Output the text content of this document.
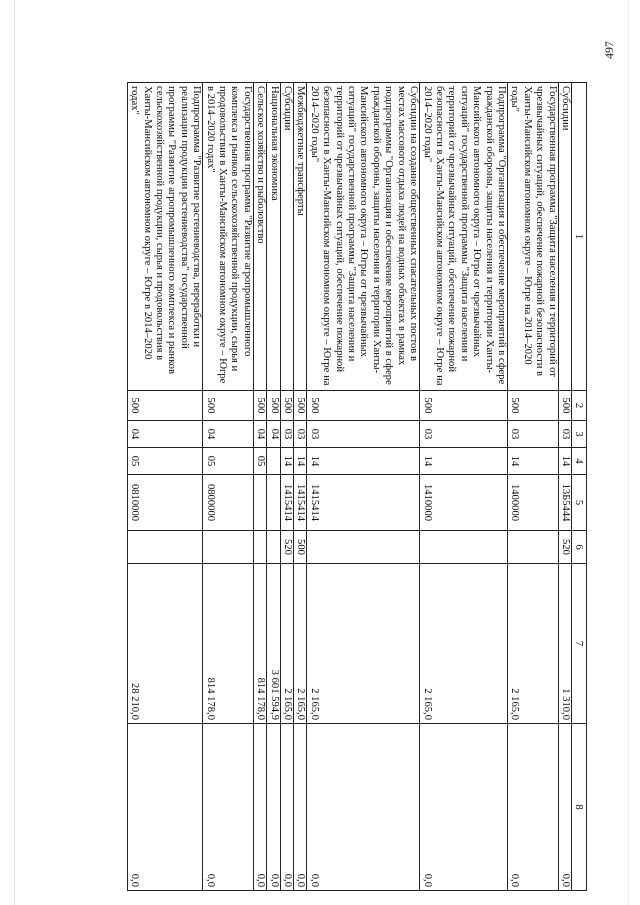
497
1	2	3	4	5	6	7	8
Субсидии	500	03	14	13Б5444	520	1 310,0	0,0
Государственная программа "Защита населения и территорий от чрезвычайных ситуаций, обеспечение пожарной безопасности в Ханты-Мансийском автономном округе – Югре на 2014–2020 годы"	500	03	14	1400000		2 165,0	0,0
Подпрограмма "Организация и обеспечение мероприятий в сфере гражданской обороны, защиты населения и территории Ханты-Мансийского автономного округа – Югры от чрезвычайных ситуаций" государственной программы "Защита населения и территорий от чрезвычайных ситуаций, обеспечение пожарной безопасности в Ханты-Мансийском автономном округе – Югре на 2014–2020 годы"	500	03	14	1410000		2 165,0	0,0
Субсидии на создание общественных спасательных постов в местах массового отдыха людей на водных объектах в рамках подпрограммы "Организация и обеспечение мероприятий в сфере гражданской обороны, защиты населения и территории Ханты-Мансийского автономного округа – Югры от чрезвычайных ситуаций" государственной программы "Защита населения и территорий от чрезвычайных ситуаций, обеспечение пожарной безопасности в Ханты-Мансийском автономном округе – Югре на 2014–2020 годы"	500	03	14	1415414		2 165,0	0,0
Межбюджетные трансферты	500	03	14	1415414	500	2 165,0	0,0
Субсидии	500	03	14	1415414	520	2 165,0	0,0
Национальная экономика	500	04				3 601 594,9	0,0
Сельское хозяйство и рыболовство	500	04	05			814 178,0	0,0
Государственная программа "Развитие агропромышленного комплекса и рынков сельскохозяйственной продукции, сырья и продовольствия в Ханты-Мансийском автономном округе – Югре в 2014–2020 годах"	500	04	05	0800000		814 178,0	0,0
Подпрограмма "Развитие растениеводства, переработки и реализации продукции растениеводства" государственной программы "Развитие агропромышленного комплекса и рынков сельскохозяйственной продукции, сырья и продовольствия в Ханты-Мансийском автономном округе – Югре в 2014–2020 годах"	500	04	05	0810000		28 210,0	0,0
